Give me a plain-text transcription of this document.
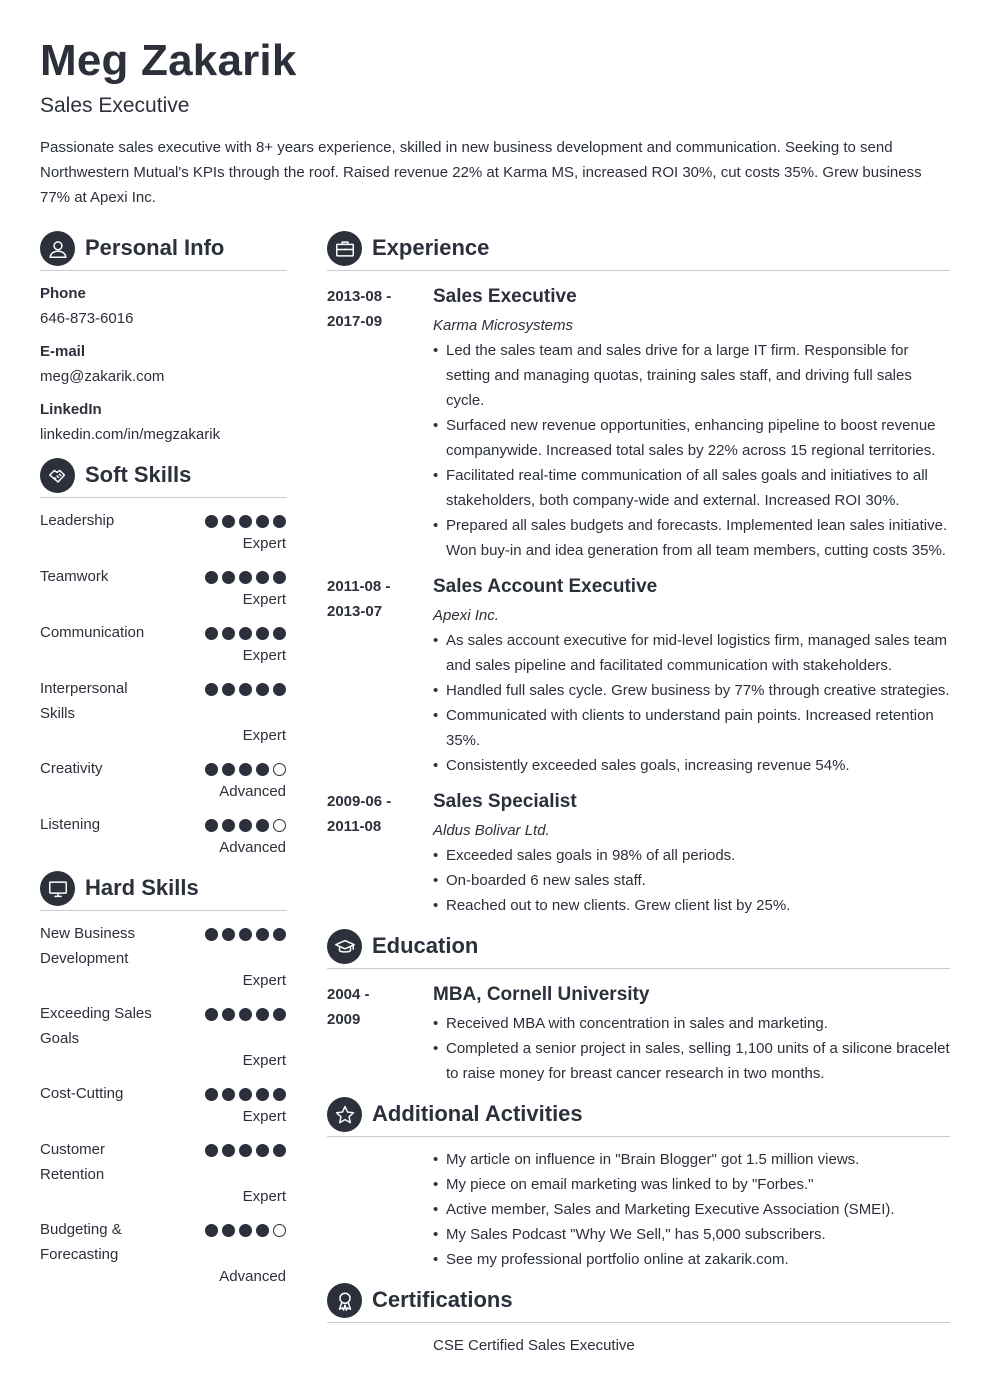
Meg Zakarik
Sales Executive
Passionate sales executive with 8+ years experience, skilled in new business development and communication. Seeking to send Northwestern Mutual's KPIs through the roof. Raised revenue 22% at Karma MS, increased ROI 30%, cut costs 35%. Grew business 77% at Apexi Inc.
Personal Info
Phone
646-873-6016
E-mail
meg@zakarik.com
LinkedIn
linkedin.com/in/megzakarik
Soft Skills
Leadership
Expert
Teamwork
Expert
Communication
Expert
Interpersonal Skills
Expert
Creativity
Advanced
Listening
Advanced
Hard Skills
New Business Development
Expert
Exceeding Sales Goals
Expert
Cost-Cutting
Expert
Customer Retention
Expert
Budgeting & Forecasting
Advanced
Experience
2013-08 -
2017-09
Sales Executive
Karma Microsystems
• Led the sales team and sales drive for a large IT firm. Responsible for setting and managing quotas, training sales staff, and driving full sales cycle.
• Surfaced new revenue opportunities, enhancing pipeline to boost revenue companywide. Increased total sales by 22% across 15 regional territories.
• Facilitated real-time communication of all sales goals and initiatives to all stakeholders, both company-wide and external. Increased ROI 30%.
• Prepared all sales budgets and forecasts. Implemented lean sales initiative. Won buy-in and idea generation from all team members, cutting costs 35%.
2011-08 -
2013-07
Sales Account Executive
Apexi Inc.
• As sales account executive for mid-level logistics firm, managed sales team and sales pipeline and facilitated communication with stakeholders.
• Handled full sales cycle. Grew business by 77% through creative strategies.
• Communicated with clients to understand pain points. Increased retention 35%.
• Consistently exceeded sales goals, increasing revenue 54%.
2009-06 -
2011-08
Sales Specialist
Aldus Bolivar Ltd.
• Exceeded sales goals in 98% of all periods.
• On-boarded 6 new sales staff.
• Reached out to new clients. Grew client list by 25%.
Education
2004 -
2009
MBA, Cornell University
• Received MBA with concentration in sales and marketing.
• Completed a senior project in sales, selling 1,100 units of a silicone bracelet to raise money for breast cancer research in two months.
Additional Activities
• My article on influence in "Brain Blogger" got 1.5 million views.
• My piece on email marketing was linked to by "Forbes."
• Active member, Sales and Marketing Executive Association (SMEI).
• My Sales Podcast "Why We Sell," has 5,000 subscribers.
• See my professional portfolio online at zakarik.com.
Certifications
CSE Certified Sales Executive
